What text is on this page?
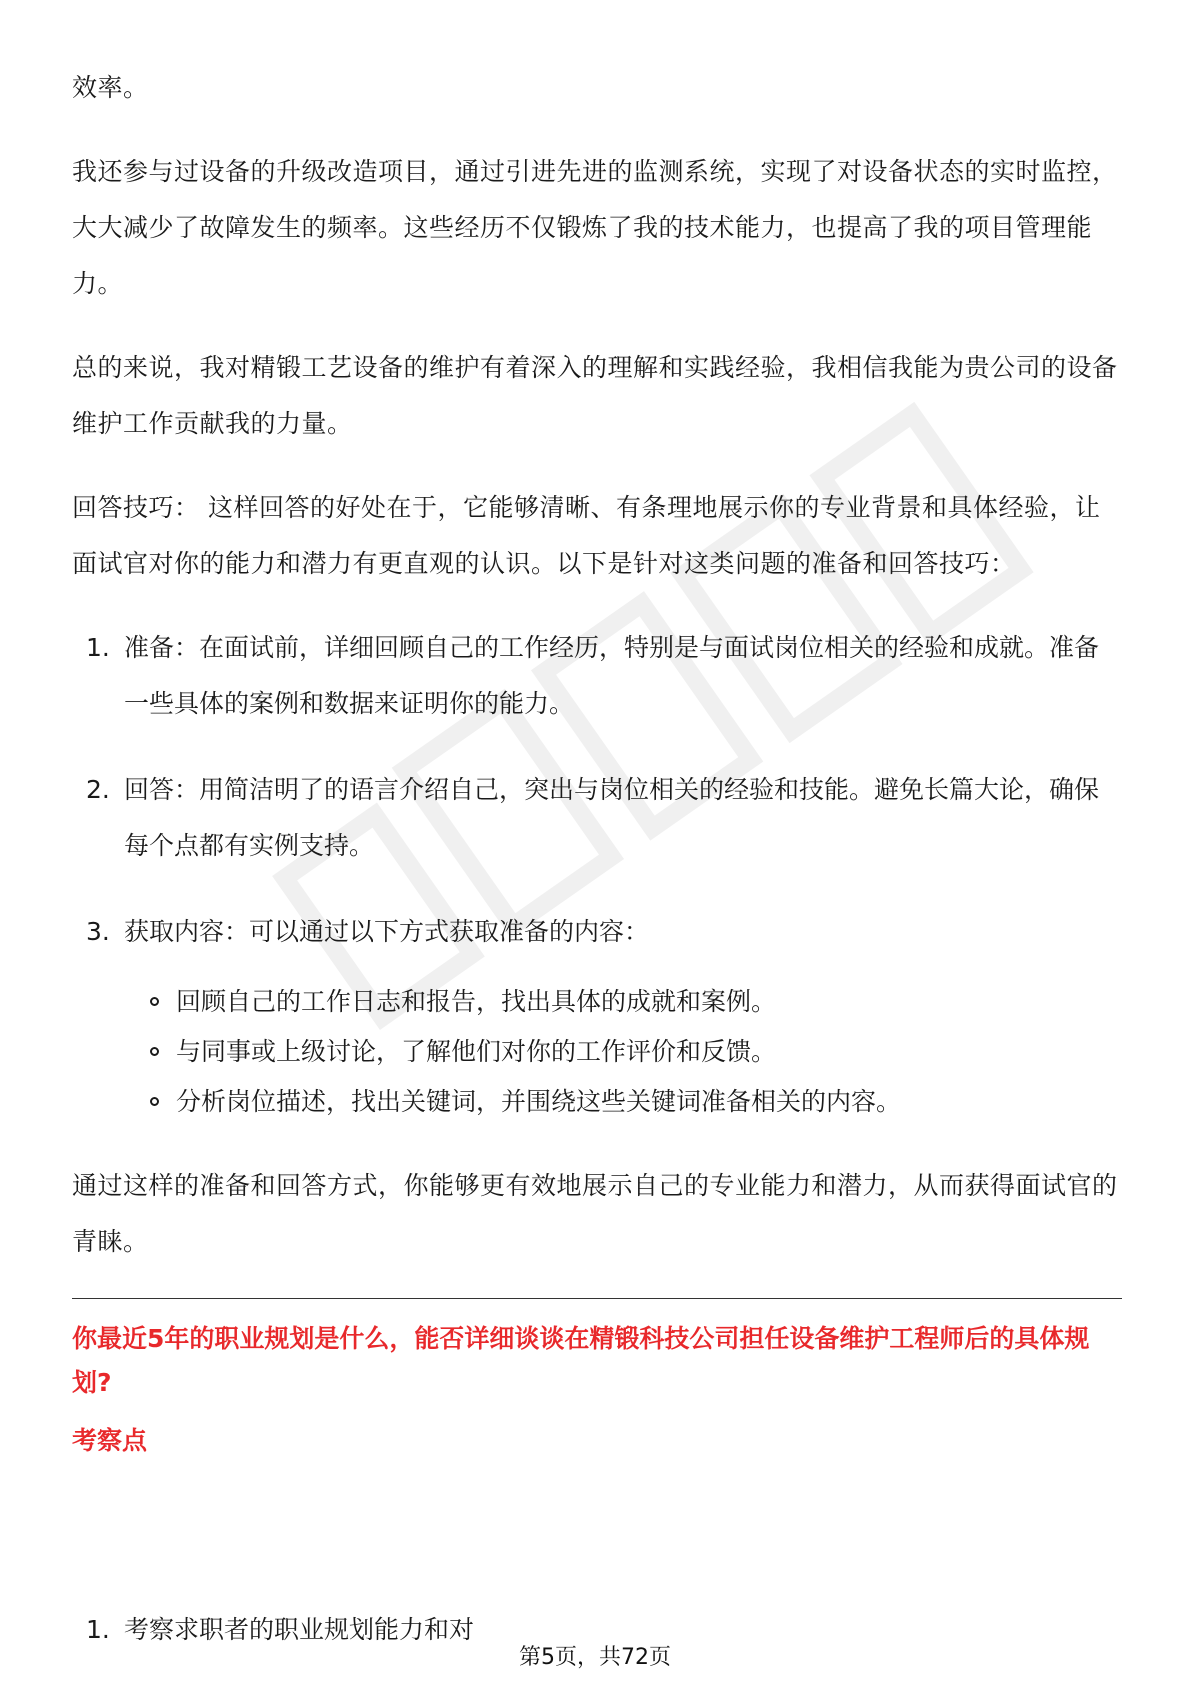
效率。

我还参与过设备的升级改造项目，通过引进先进的监测系统，实现了对设备状态的实时监控，大大减少了故障发生的频率。这些经历不仅锻炼了我的技术能力，也提高了我的项目管理能力。

总的来说，我对精锻工艺设备的维护有着深入的理解和实践经验，我相信我能为贵公司的设备维护工作贡献我的力量。

回答技巧： 这样回答的好处在于，它能够清晰、有条理地展示你的专业背景和具体经验，让面试官对你的能力和潜力有更直观的认识。以下是针对这类问题的准备和回答技巧：

1. 准备：在面试前，详细回顾自己的工作经历，特别是与面试岗位相关的经验和成就。准备一些具体的案例和数据来证明你的能力。
2. 回答：用简洁明了的语言介绍自己，突出与岗位相关的经验和技能。避免长篇大论，确保每个点都有实例支持。
3. 获取内容：可以通过以下方式获取准备的内容：
回顾自己的工作日志和报告，找出具体的成就和案例。
与同事或上级讨论，了解他们对你的工作评价和反馈。
分析岗位描述，找出关键词，并围绕这些关键词准备相关的内容。

通过这样的准备和回答方式，你能够更有效地展示自己的专业能力和潜力，从而获得面试官的青睐。

你最近5年的职业规划是什么，能否详细谈谈在精锻科技公司担任设备维护工程师后的具体规划?

考察点

1. 考察求职者的职业规划能力和对
第5页，共72页
